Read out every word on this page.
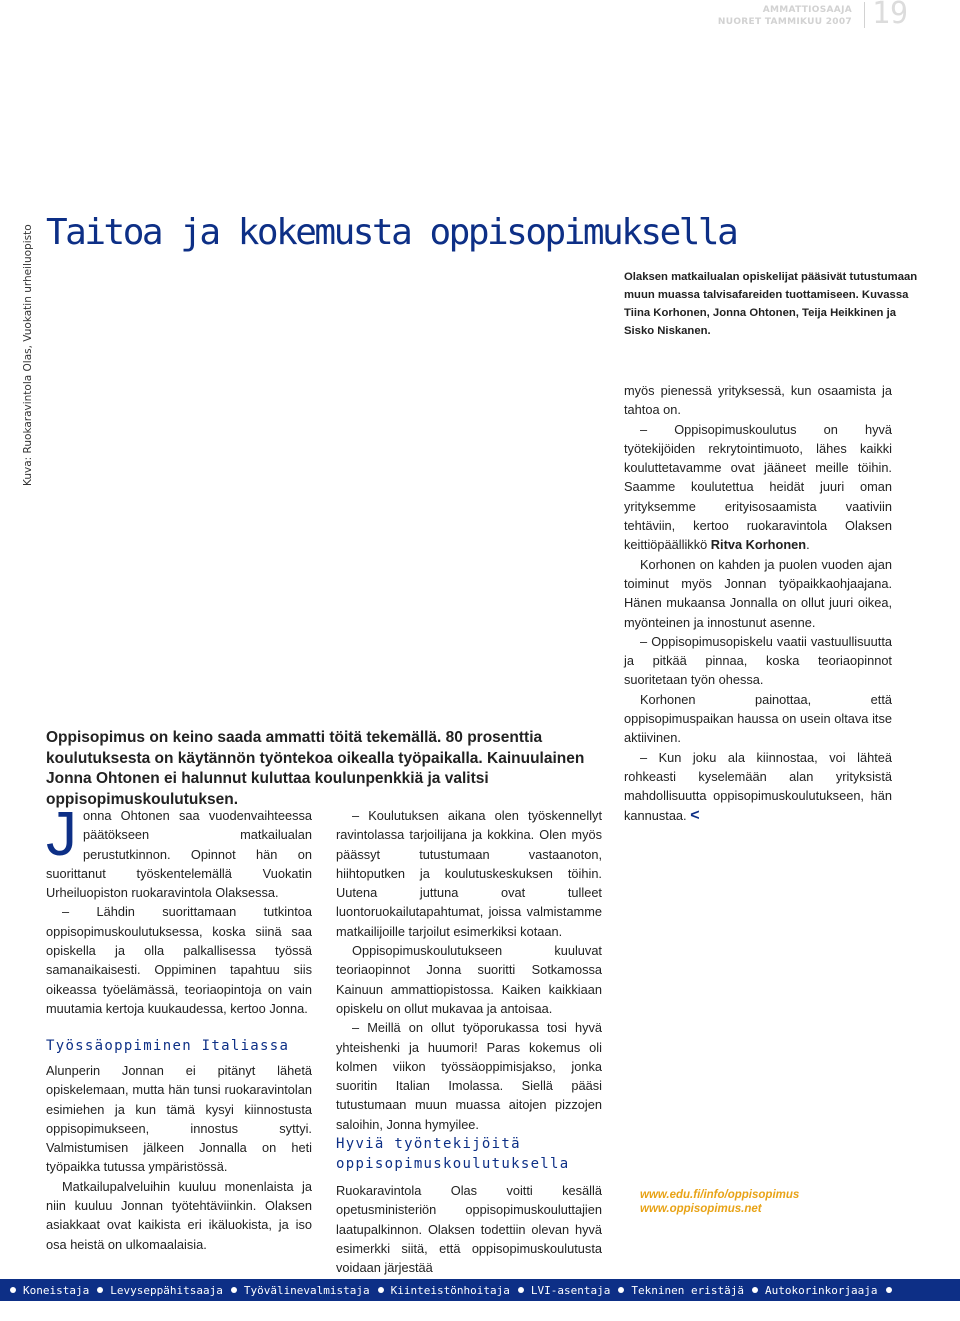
AMMATTIOSAAJA
NUORET TAMMIKUU 2007 19
Taitoa ja kokemusta oppisopimuksella
Kuva: Ruokaravintola Olas, Vuokatin urheiluopisto
Oppisopimus on keino saada ammatti töitä tekemällä. 80 prosenttia koulutuksesta on käytännön työntekoa oikealla työpaikalla. Kainuulainen Jonna Ohtonen ei halunnut kuluttaa koulunpenkkiä ja valitsi oppisopimuskoulutuksen.
Olaksen matkailualan opiskelijat pääsivät tutustumaan muun muassa talvisafareiden tuottamiseen. Kuvassa Tiina Korhonen, Jonna Ohtonen, Teija Heikkinen ja Sisko Niskanen.

Jonna Ohtonen saa vuodenvaihteessa päätökseen matkailualan perustutkinnon. Opinnot hän on suorittanut työskentelemällä Vuokatin Urheiluopiston ruokaravintola Olaksessa.

– Lähdin suorittamaan tutkintoa oppisopimuskoulutuksessa, koska siinä saa opiskella ja olla palkallisessa työssä samanaikaisesti. Oppiminen tapahtuu siis oikeassa työelämässä, teoriaopintoja on vain muutamia kertoja kuukaudessa, kertoo Jonna.

Työssäoppiminen Italiassa

Alunperin Jonnan ei pitänyt lähetä opiskelemaan, mutta hän tunsi ruokaravintolan esimiehen ja kun tämä kysyi kiinnostusta oppisopimukseen, innostus syttyi. Valmistumisen jälkeen Jonnalla on heti työpaikka tutussa ympäristössä.

Matkailupalveluihin kuuluu monenlaista ja niin kuuluu Jonnan työtehtäviinkin. Olaksen asiakkaat ovat kaikista eri ikäluokista, ja iso osa heistä on ulkomaalaisia.

– Koulutuksen aikana olen työskennellyt ravintolassa tarjoilijana ja kokkina. Olen myös päässyt tutustumaan vastaanoton, hiihtoputken ja koulutuskeskuksen töihin. Uutena juttuna ovat tulleet luontoruokailutapahtumat, joissa valmistamme matkailijoille tarjoilut esimerkiksi kotaan.

Oppisopimuskoulutukseen kuuluvat teoriaopinnot Jonna suoritti Sotkamossa Kainuun ammattiopistossa. Kaiken kaikkiaan opiskelu on ollut mukavaa ja antoisaa.

– Meillä on ollut työporukassa tosi hyvä yhteishenki ja huumori! Paras kokemus oli kolmen viikon työssäoppimisjakso, jonka suoritin Italian Imolassa. Siellä pääsi tutustumaan muun muassa aitojen pizzojen saloihin, Jonna hymyilee.

Hyviä työntekijöitä oppisopimuskoulutuksella

Ruokaravintola Olas voitti kesällä opetusministeriön oppisopimuskouluttajien laatupalkinnon. Olaksen todettiin olevan hyvä esimerkki siitä, että oppisopimuskoulutusta voidaan järjestää

myös pienessä yrityksessä, kun osaamista ja tahtoa on.

– Oppisopimuskoulutus on hyvä työtekijöiden rekrytointimuoto, lähes kaikki kouluttetavamme ovat jääneet meille töihin. Saamme koulutettua heidät juuri oman yrityksemme erityisosaamista vaativiin tehtäviin, kertoo ruokaravintola Olaksen keittiöpäällikkö Ritva Korhonen.

Korhonen on kahden ja puolen vuoden ajan toiminut myös Jonnan työpaikkaohjaajana. Hänen mukaansa Jonnalla on ollut juuri oikea, myönteinen ja innostunut asenne.

– Oppisopimusopiskelu vaatii vastuullisuutta ja pitkää pinnaa, koska teoriaopinnot suoritetaan työn ohessa.

Korhonen painottaa, että oppisopimuspaikan haussa on usein oltava itse aktiivinen.

– Kun joku ala kiinnostaa, voi lähteä rohkeasti kyselemään alan yrityksistä mahdollisuutta oppisopimuskoulutukseen, hän kannustaa. <

www.edu.fi/info/oppisopimus
www.oppisopimus.net
Koneistaja Levyseppähitsaaja Työvälinevalmistaja Kiinteistönhoitaja LVI-asentaja Tekninen eristäjä Autokorinkorjaaja
